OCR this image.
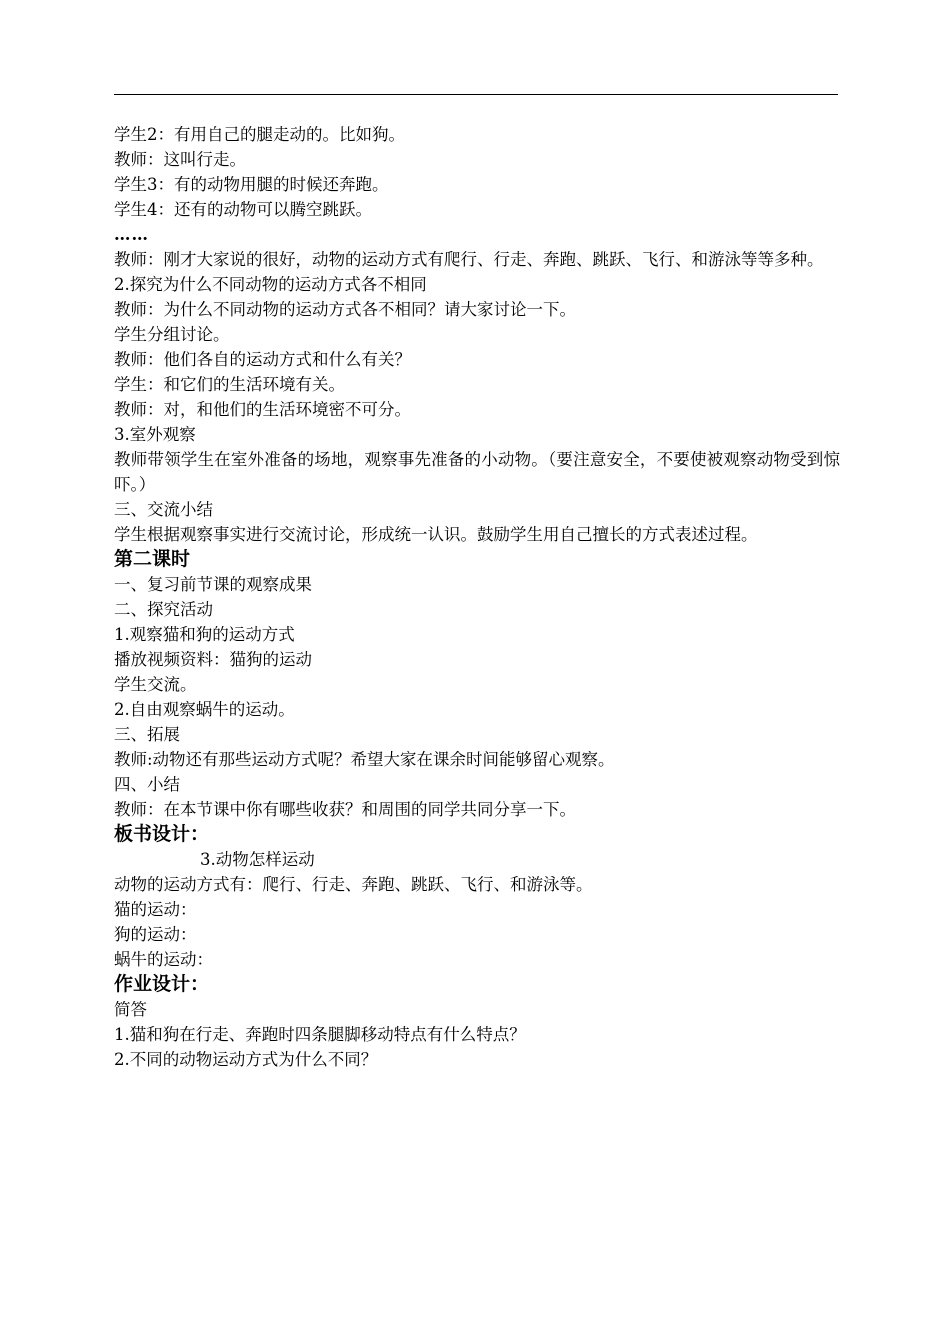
学生2：有用自己的腿走动的。比如狗。
教师：这叫行走。
学生3：有的动物用腿的时候还奔跑。
学生4：还有的动物可以腾空跳跃。
……
教师：刚才大家说的很好，动物的运动方式有爬行、行走、奔跑、跳跃、飞行、和游泳等等多种。
2.探究为什么不同动物的运动方式各不相同
教师：为什么不同动物的运动方式各不相同？请大家讨论一下。
学生分组讨论。
教师：他们各自的运动方式和什么有关？
学生：和它们的生活环境有关。
教师：对，和他们的生活环境密不可分。
3.室外观察
教师带领学生在室外准备的场地，观察事先准备的小动物。（要注意安全，不要使被观察动物受到惊吓。）
三、交流小结
学生根据观察事实进行交流讨论，形成统一认识。鼓励学生用自己擅长的方式表述过程。
第二课时
一、复习前节课的观察成果
二、探究活动
1.观察猫和狗的运动方式
播放视频资料：猫狗的运动
学生交流。
2.自由观察蜗牛的运动。
三、拓展
教师:动物还有那些运动方式呢？希望大家在课余时间能够留心观察。
四、小结
教师：在本节课中你有哪些收获？和周围的同学共同分享一下。
板书设计：
3.动物怎样运动
动物的运动方式有：爬行、行走、奔跑、跳跃、飞行、和游泳等。
猫的运动：
狗的运动：
蜗牛的运动：
作业设计：
简答
1.猫和狗在行走、奔跑时四条腿脚移动特点有什么特点？
2.不同的动物运动方式为什么不同？
